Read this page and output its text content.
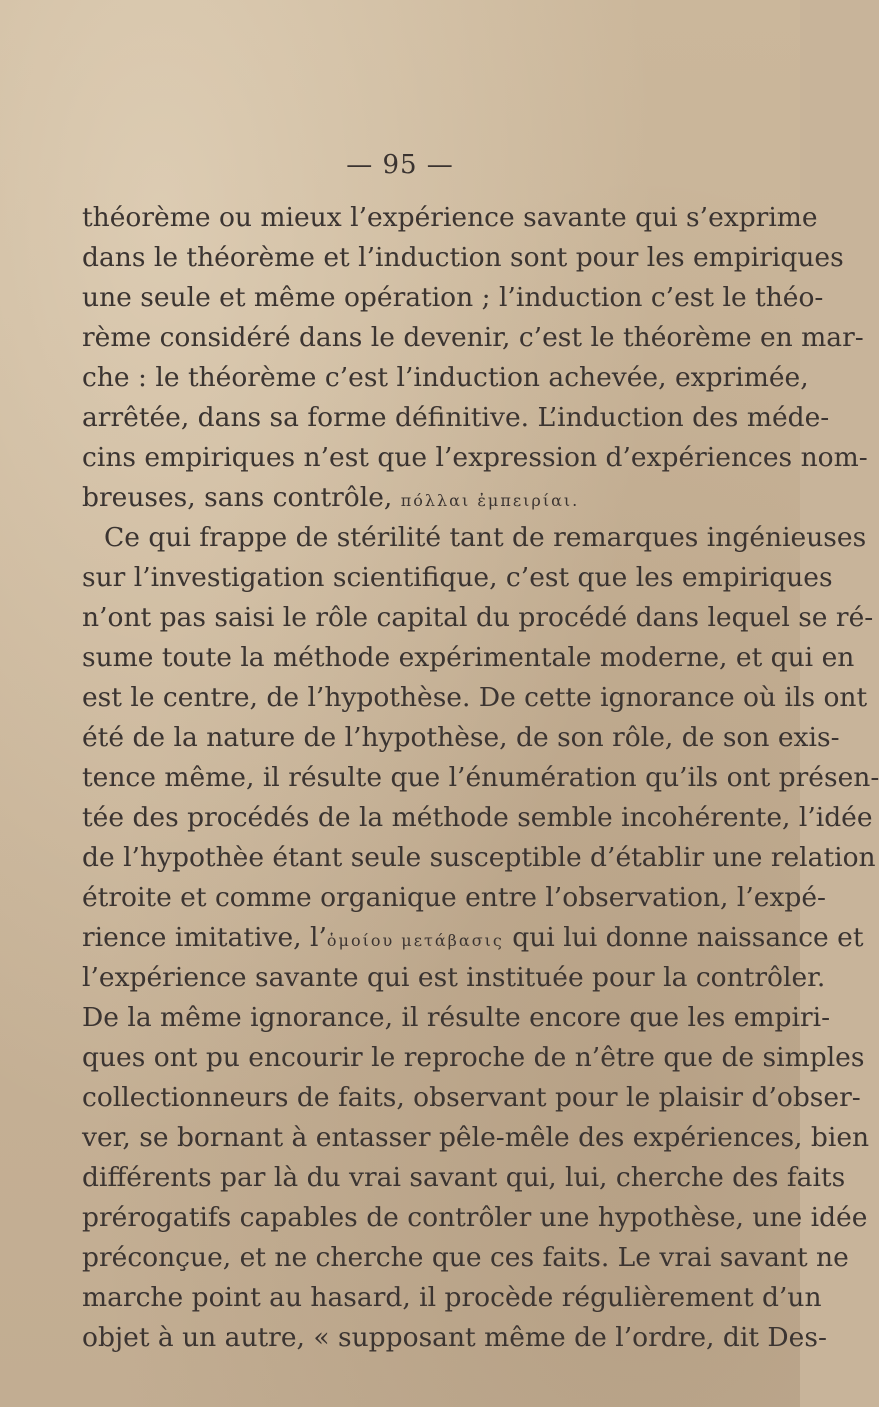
— 95 —
théorème ou mieux l’expérience savante qui s’exprime
dans le théorème et l’induction sont pour les empiriques
une seule et même opération ; l’induction c’est le théo-
rème considéré dans le devenir, c’est le théorème en mar-
che : le théorème c’est l’induction achevée, exprimée,
arrêtée, dans sa forme définitive. L’induction des méde-
cins empiriques n’est que l’expression d’expériences nom-
breuses, sans contrôle, πόλλαι ἐμπειρίαι.
Ce qui frappe de stérilité tant de remarques ingénieuses
sur l’investigation scientifique, c’est que les empiriques
n’ont pas saisi le rôle capital du procédé dans lequel se ré-
sume toute la méthode expérimentale moderne, et qui en
est le centre, de l’hypothèse. De cette ignorance où ils ont
été de la nature de l’hypothèse, de son rôle, de son exis-
tence même, il résulte que l’énumération qu’ils ont présen-
tée des procédés de la méthode semble incohérente, l’idée
de l’hypothèe étant seule susceptible d’établir une relation
étroite et comme organique entre l’observation, l’expé-
rience imitative, l’ὁμοίου μετάβασις qui lui donne naissance et
l’expérience savante qui est instituée pour la contrôler.
De la même ignorance, il résulte encore que les empiri-
ques ont pu encourir le reproche de n’être que de simples
collectionneurs de faits, observant pour le plaisir d’obser-
ver, se bornant à entasser pêle-mêle des expériences, bien
différents par là du vrai savant qui, lui, cherche des faits
prérogatifs capables de contrôler une hypothèse, une idée
préconçue, et ne cherche que ces faits. Le vrai savant ne
marche point au hasard, il procède régulièrement d’un
objet à un autre, « supposant même de l’ordre, dit Des-
